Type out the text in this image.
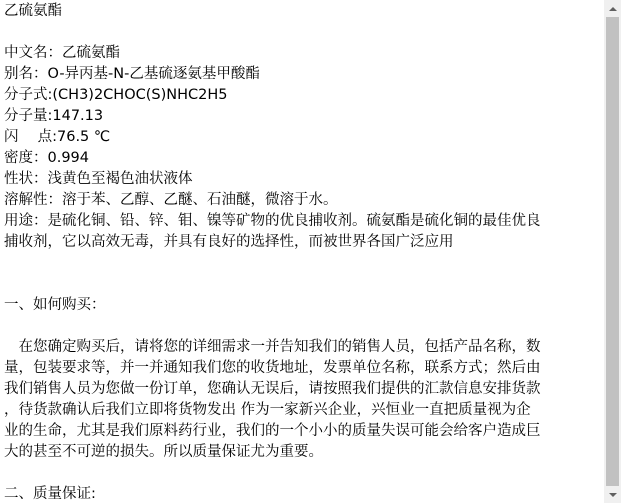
乙硫氨酯
中文名：乙硫氨酯
别名：O-异丙基-N-乙基硫逐氨基甲酸酯
分子式:(CH3)2CHOC(S)NHC2H5
分子量:147.13
闪　 点:76.5 ℃
密度：0.994
性状：浅黄色至褐色油状液体
溶解性：溶于苯、乙醇、乙醚、石油醚，微溶于水。
用途：是硫化铜、铅、锌、钼、镍等矿物的优良捕收剂。硫氨酯是硫化铜的最佳优良
捕收剂，它以高效无毒，并具有良好的选择性，而被世界各国广泛应用
一、如何购买：
　在您确定购买后，请将您的详细需求一并告知我们的销售人员，包括产品名称，数
量，包装要求等，并一并通知我们您的收货地址，发票单位名称，联系方式；然后由
我们销售人员为您做一份订单，您确认无误后，请按照我们提供的汇款信息安排货款
，待货款确认后我们立即将货物发出 作为一家新兴企业，兴恒业一直把质量视为企
业的生命，尤其是我们原料药行业，我们的一个小小的质量失误可能会给客户造成巨
大的甚至不可逆的损失。所以质量保证尤为重要。
二、质量保证:
